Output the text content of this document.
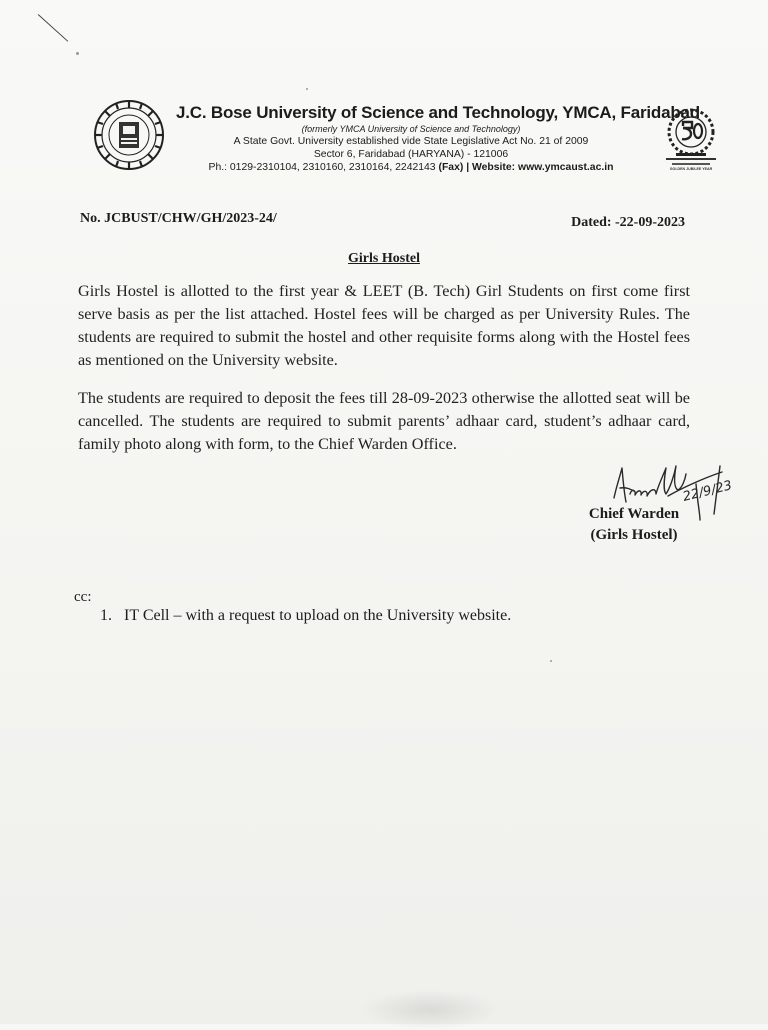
J.C. Bose University of Science and Technology, YMCA, Faridabad
(formerly YMCA University of Science and Technology)
A State Govt. University established vide State Legislative Act No. 21 of 2009
Sector 6, Faridabad (HARYANA) - 121006
Ph.: 0129-2310104, 2310160, 2310164, 2242143 (Fax) | Website: www.ymcaust.ac.in	GOLDEN JUBILEE YEAR
No. JCBUST/CHW/GH/2023-24/	Dated: -22-09-2023
Girls Hostel

Girls Hostel is allotted to the first year & LEET (B. Tech) Girl Students on first come first serve basis as per the list attached. Hostel fees will be charged as per University Rules. The students are required to submit the hostel and other requisite forms along with the Hostel fees as mentioned on the University website.

The students are required to deposit the fees till 28-09-2023 otherwise the allotted seat will be cancelled. The students are required to submit parents’ adhaar card, student’s adhaar card, family photo along with form, to the Chief Warden Office.

22/9/23
Chief Warden
(Girls Hostel)
cc:
1. IT Cell – with a request to upload on the University website.
